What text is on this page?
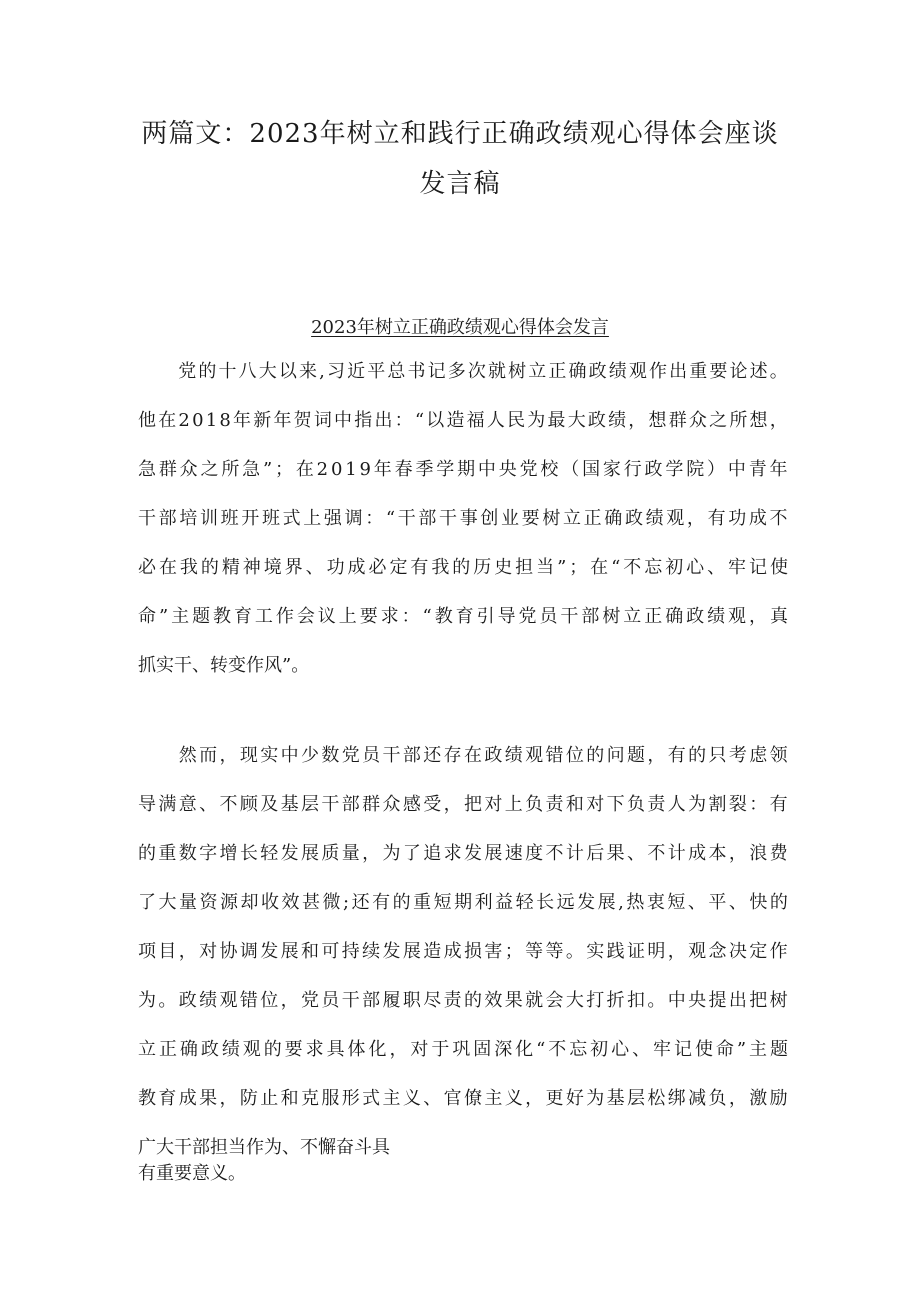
两篇文：2023年树立和践行正确政绩观心得体会座谈
发言稿
2023年树立正确政绩观心得体会发言

党 的 十 八 大 以 来 , 习 近 平 总 书 记 多 次 就 树 立 正 确 政 绩 观 作 出 重 要 论 述 。
他 在 2 0 1 8 年 新 年 贺 词 中 指 出 ： “ 以 造 福 人 民 为 最 大 政 绩 ， 想 群 众 之 所 想 ，
急 群 众 之 所 急 ” ； 在 2 0 1 9 年 春 季 学 期 中 央 党 校 （ 国 家 行 政 学 院 ） 中 青 年
干 部 培 训 班 开 班 式 上 强 调 ： “ 干 部 干 事 创 业 要 树 立 正 确 政 绩 观 ， 有 功 成 不
必 在 我 的 精 神 境 界 、 功 成 必 定 有 我 的 历 史 担 当 ” ； 在 “ 不 忘 初 心 、 牢 记 使
命 ” 主 题 教 育 工 作 会 议 上 要 求 ： “ 教 育 引 导 党 员 干 部 树 立 正 确 政 绩 观 ， 真
抓实干、转变作风”。

然 而 ， 现 实 中 少 数 党 员 干 部 还 存 在 政 绩 观 错 位 的 问 题 ， 有 的 只 考 虑 领
导 满 意 、 不 顾 及 基 层 干 部 群 众 感 受 ， 把 对 上 负 责 和 对 下 负 责 人 为 割 裂 ： 有
的 重 数 字 增 长 轻 发 展 质 量 ， 为 了 追 求 发 展 速 度 不 计 后 果 、 不 计 成 本 ， 浪 费
了 大 量 资 源 却 收 效 甚 微 ; 还 有 的 重 短 期 利 益 轻 长 远 发 展 , 热 衷 短 、 平 、 快 的
项 目 ， 对 协 调 发 展 和 可 持 续 发 展 造 成 损 害 ； 等 等 。 实 践 证 明 ， 观 念 决 定 作
为 。 政 绩 观 错 位 ， 党 员 干 部 履 职 尽 责 的 效 果 就 会 大 打 折 扣 。 中 央 提 出 把 树
立 正 确 政 绩 观 的 要 求 具 体 化 ， 对 于 巩 固 深 化 “ 不 忘 初 心 、 牢 记 使 命 ” 主 题
教 育 成 果 ， 防 止 和 克 服 形 式 主 义 、 官 僚 主 义 ， 更 好 为 基 层 松 绑 减 负 ， 激 励
广大干部担当作为、不懈奋斗具
有重要意义。
